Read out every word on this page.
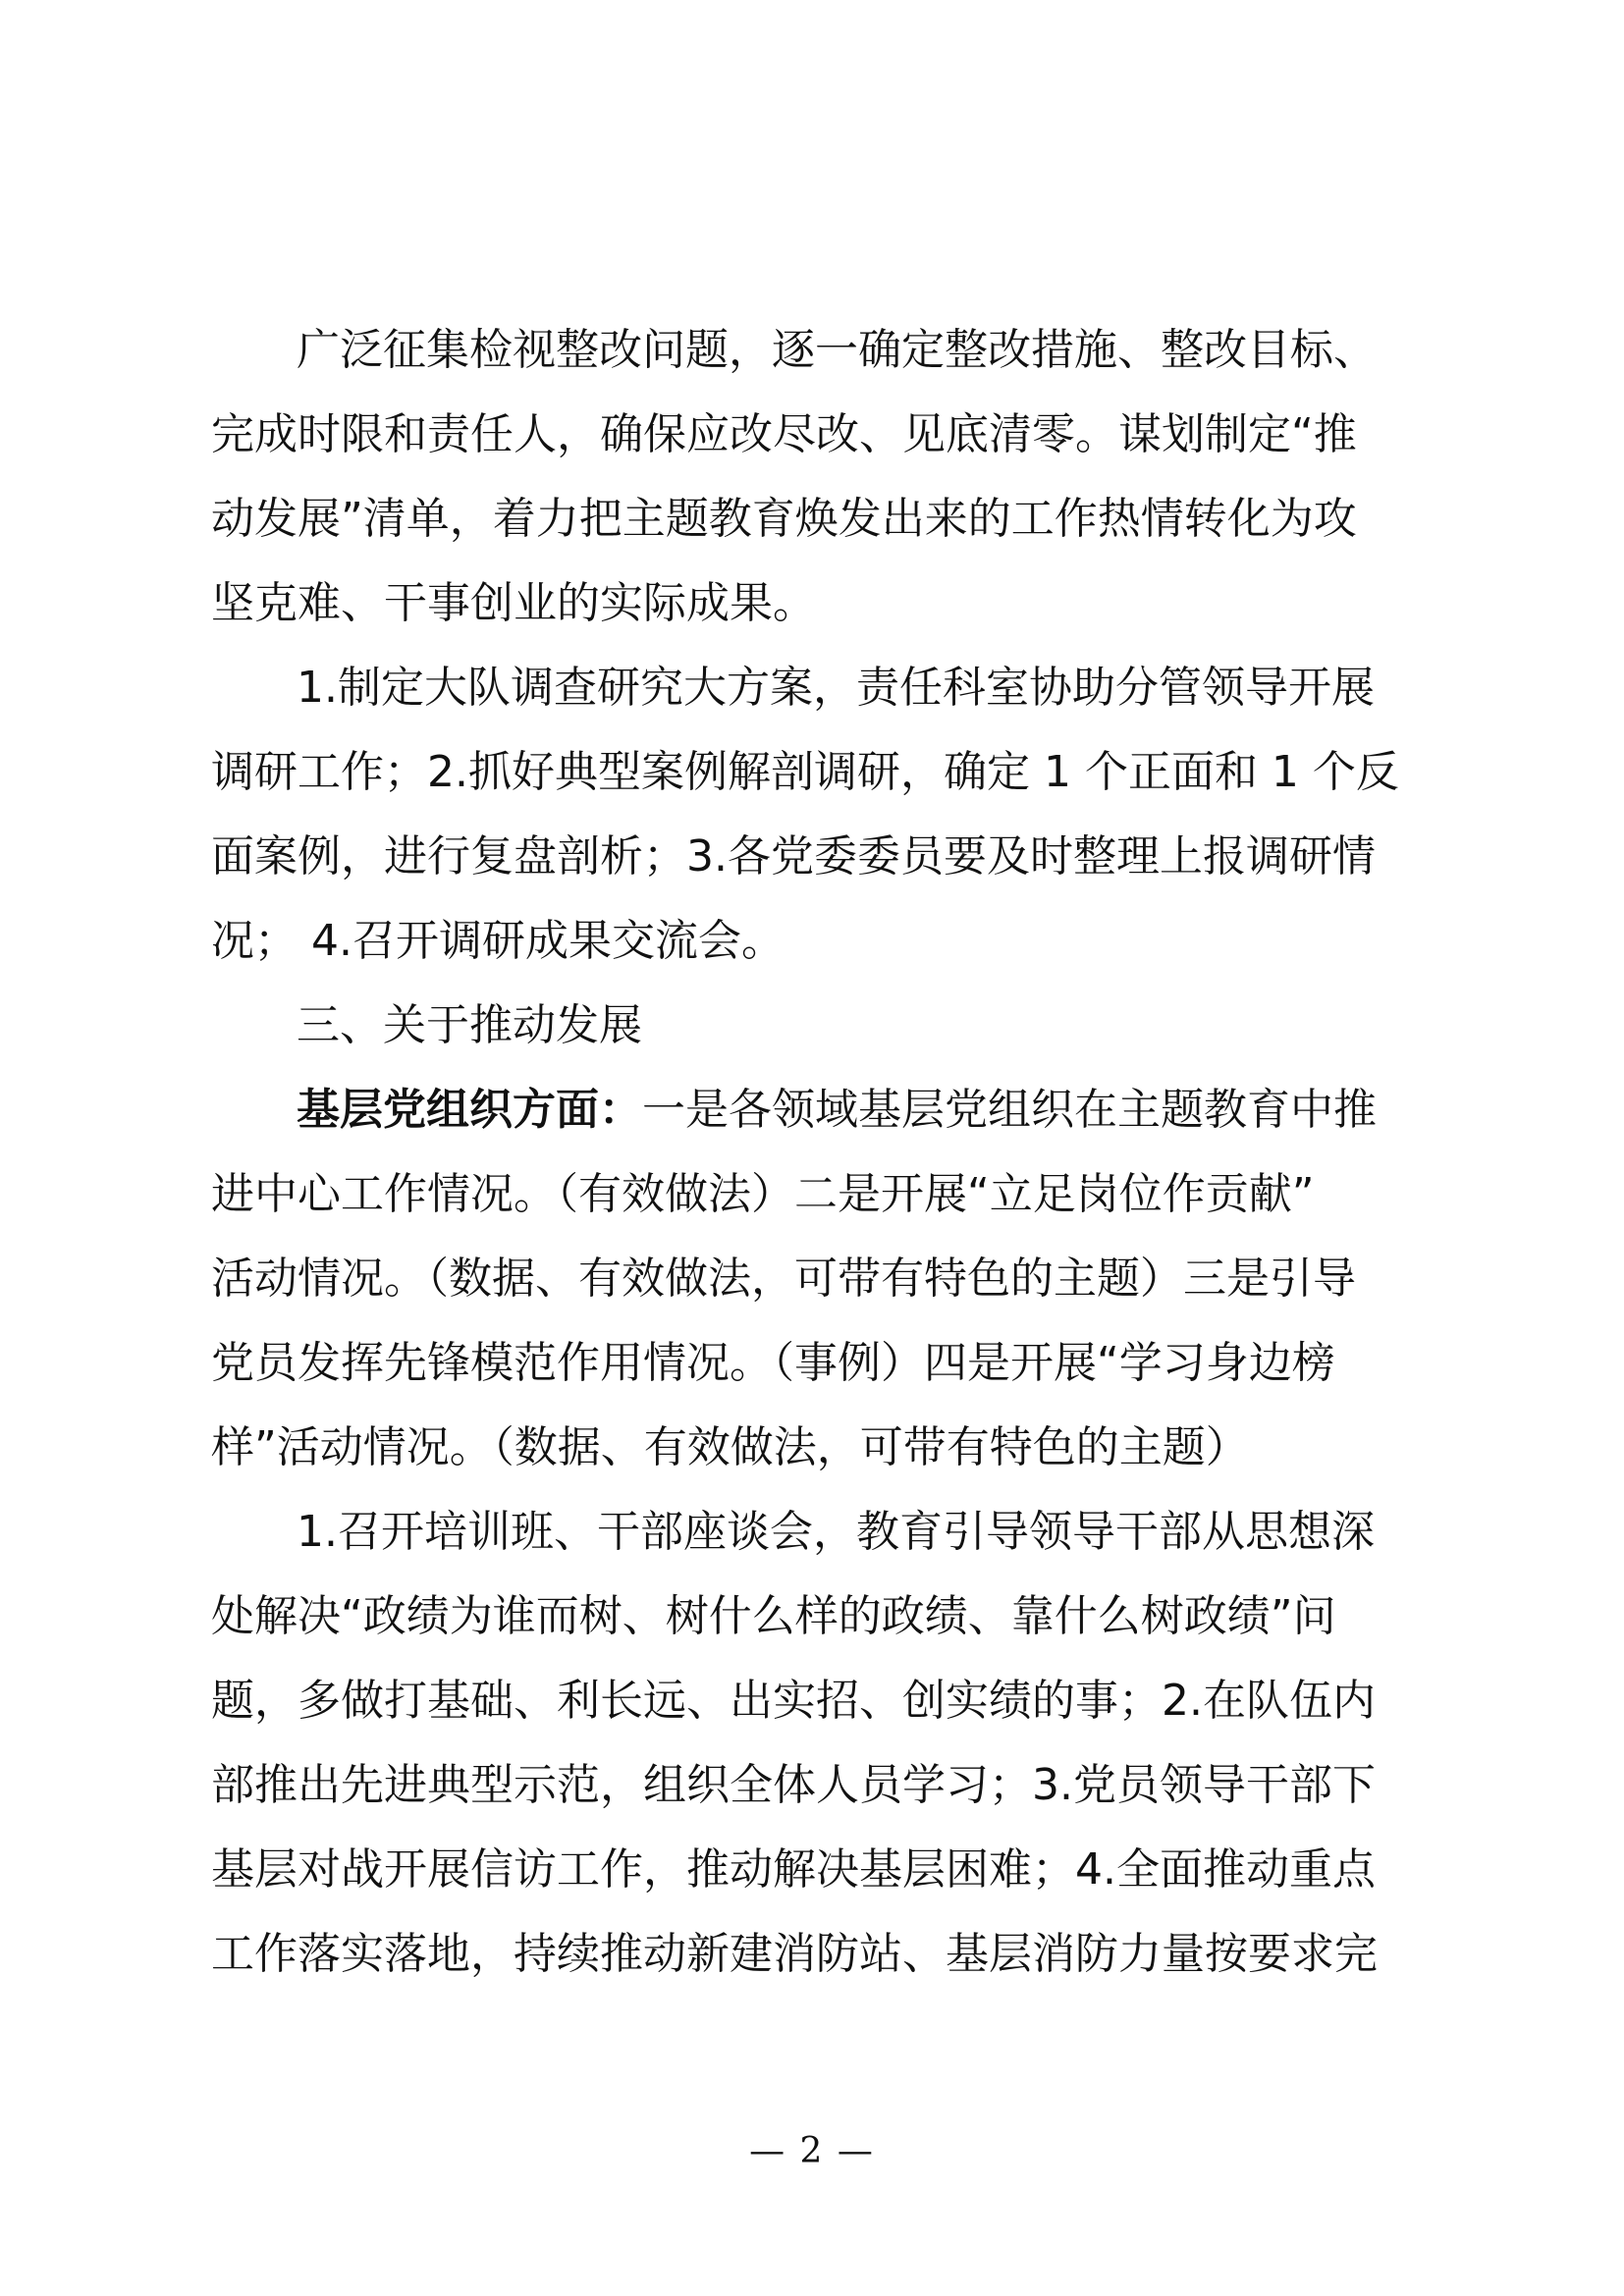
广泛征集检视整改问题，逐一确定整改措施、整改目标、

完成时限和责任人，确保应改尽改、见底清零。谋划制定“推

动发展”清单，着力把主题教育焕发出来的工作热情转化为攻

坚克难、干事创业的实际成果。

1.制定大队调查研究大方案，责任科室协助分管领导开展

调研工作；2.抓好典型案例解剖调研，确定 1 个正面和 1 个反

面案例，进行复盘剖析；3.各党委委员要及时整理上报调研情

况； 4.召开调研成果交流会。

三、关于推动发展

基层党组织方面：一是各领域基层党组织在主题教育中推

进中心工作情况。（有效做法）二是开展“立足岗位作贡献”

活动情况。（数据、有效做法，可带有特色的主题）三是引导

党员发挥先锋模范作用情况。（事例）四是开展“学习身边榜

样”活动情况。（数据、有效做法，可带有特色的主题）

1.召开培训班、干部座谈会，教育引导领导干部从思想深

处解决“政绩为谁而树、树什么样的政绩、靠什么树政绩”问

题，多做打基础、利长远、出实招、创实绩的事；2.在队伍内

部推出先进典型示范，组织全体人员学习；3.党员领导干部下

基层对战开展信访工作，推动解决基层困难；4.全面推动重点

工作落实落地，持续推动新建消防站、基层消防力量按要求完

— 2 —
